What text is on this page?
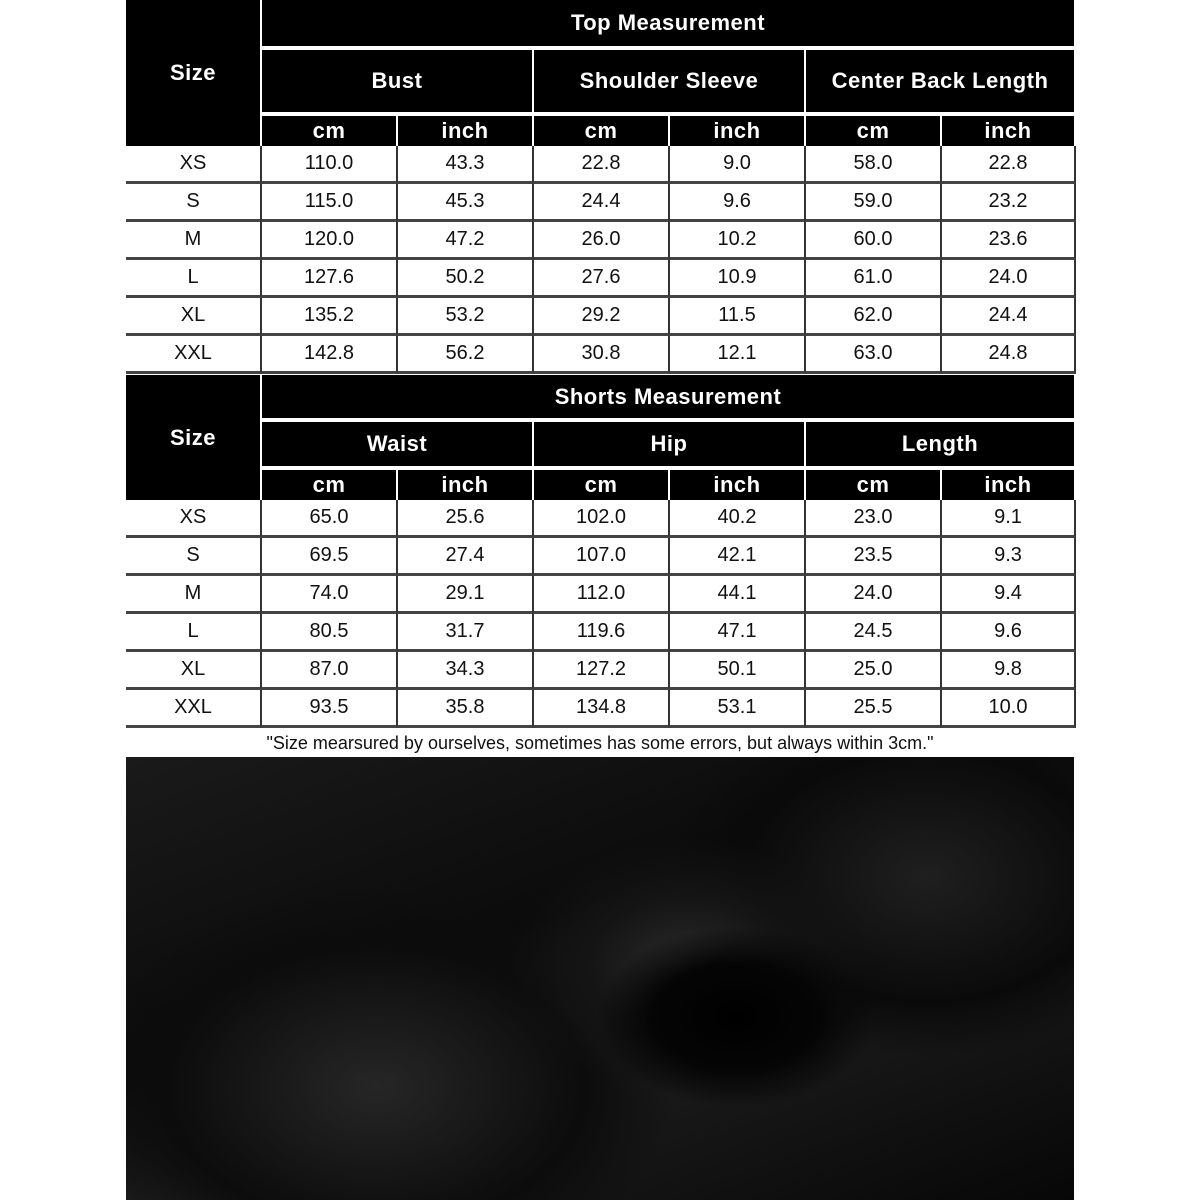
Size
Top Measurement
Bust	Shoulder Sleeve	Center Back Length
cm	inch	cm	inch	cm	inch
XS	110.0	43.3	22.8	9.0	58.0	22.8
S	115.0	45.3	24.4	9.6	59.0	23.2
M	120.0	47.2	26.0	10.2	60.0	23.6
L	127.6	50.2	27.6	10.9	61.0	24.0
XL	135.2	53.2	29.2	11.5	62.0	24.4
XXL	142.8	56.2	30.8	12.1	63.0	24.8
Size
Shorts Measurement
Waist	Hip	Length
cm	inch	cm	inch	cm	inch
XS	65.0	25.6	102.0	40.2	23.0	9.1
S	69.5	27.4	107.0	42.1	23.5	9.3
M	74.0	29.1	112.0	44.1	24.0	9.4
L	80.5	31.7	119.6	47.1	24.5	9.6
XL	87.0	34.3	127.2	50.1	25.0	9.8
XXL	93.5	35.8	134.8	53.1	25.5	10.0
"Size mearsured by ourselves, sometimes has some errors, but always within 3cm."
